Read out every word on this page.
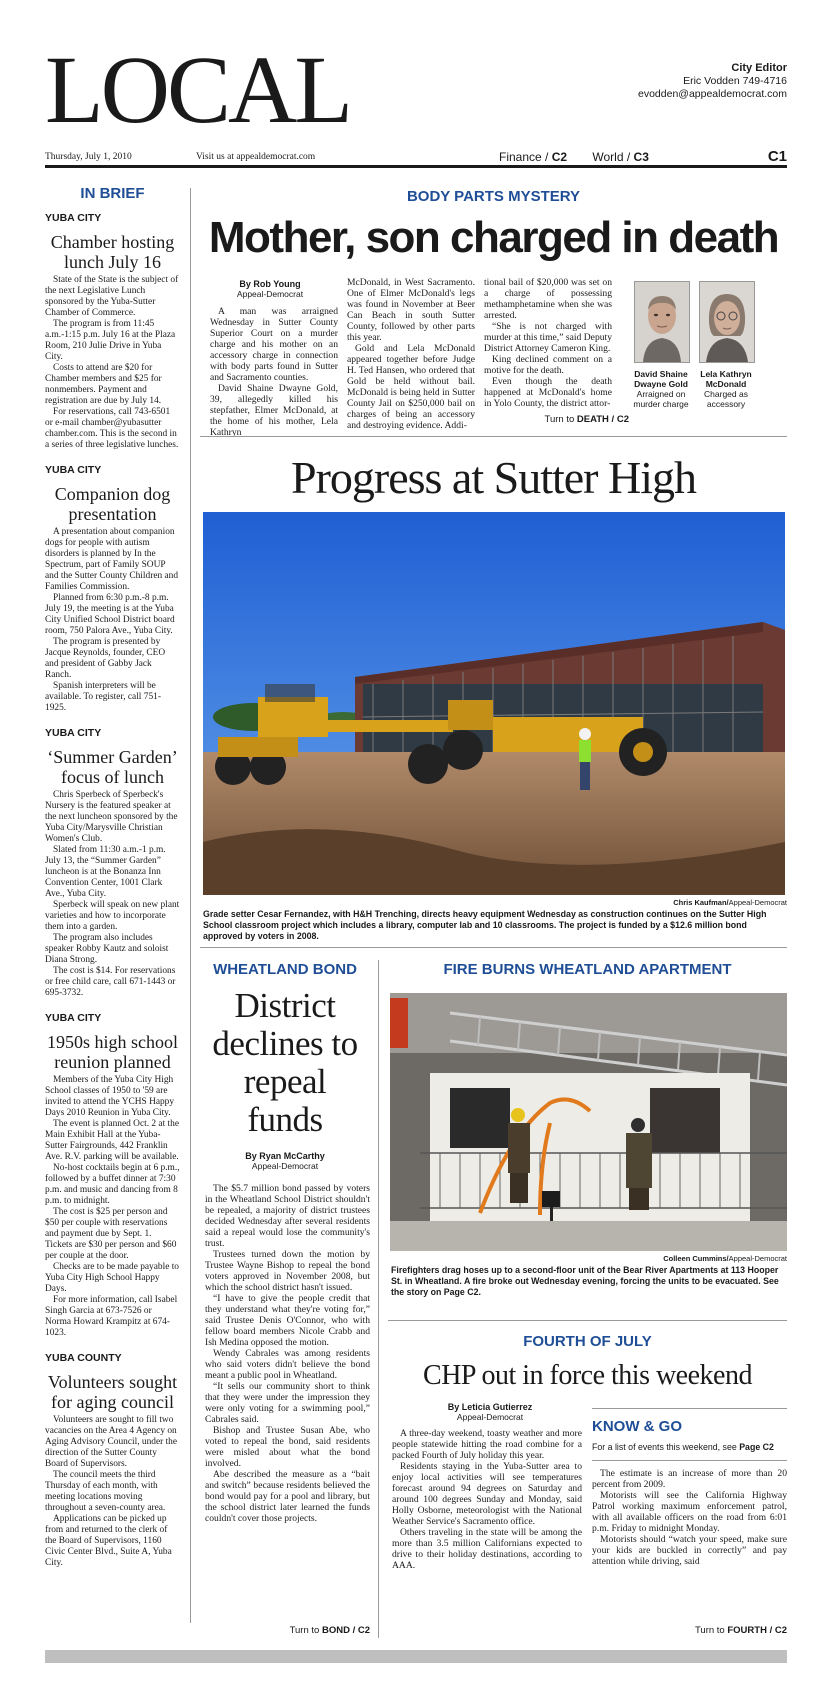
LOCAL	City Editor
Eric Vodden 749-4716
evodden@appealdemocrat.com
Thursday, July 1, 2010	Visit us at appealdemocrat.com	Finance / C2 World / C3	C1
IN BRIEF
YUBA CITY
Chamber hosting lunch July 16

State of the State is the subject of the next Legislative Lunch sponsored by the Yuba-Sutter Chamber of Commerce.

The program is from 11:45 a.m.-1:15 p.m. July 16 at the Plaza Room, 210 Julie Drive in Yuba City.

Costs to attend are $20 for Chamber members and $25 for nonmembers. Payment and registration are due by July 14.

For reservations, call 743-6501 or e-mail chamber@yubasutter chamber.com. This is the second in a series of three legislative lunches.

YUBA CITY
Companion dog presentation

A presentation about companion dogs for people with autism disorders is planned by In the Spectrum, part of Family SOUP and the Sutter County Children and Families Commission.

Planned from 6:30 p.m.-8 p.m. July 19, the meeting is at the Yuba City Unified School District board room, 750 Palora Ave., Yuba City.

The program is presented by Jacque Reynolds, founder, CEO and president of Gabby Jack Ranch.

Spanish interpreters will be available. To register, call 751-1925.

YUBA CITY
‘Summer Garden’ focus of lunch

Chris Sperbeck of Sperbeck's Nursery is the featured speaker at the next luncheon sponsored by the Yuba City/Marysville Christian Women's Club.

Slated from 11:30 a.m.-1 p.m. July 13, the “Summer Garden” luncheon is at the Bonanza Inn Convention Center, 1001 Clark Ave., Yuba City.

Sperbeck will speak on new plant varieties and how to incorporate them into a garden.

The program also includes speaker Robby Kautz and soloist Diana Strong.

The cost is $14. For reservations or free child care, call 671-1443 or 695-3732.

YUBA CITY
1950s high school reunion planned

Members of the Yuba City High School classes of 1950 to '59 are invited to attend the YCHS Happy Days 2010 Reunion in Yuba City.

The event is planned Oct. 2 at the Main Exhibit Hall at the Yuba-Sutter Fairgrounds, 442 Franklin Ave. R.V. parking will be available.

No-host cocktails begin at 6 p.m., followed by a buffet dinner at 7:30 p.m. and music and dancing from 8 p.m. to midnight.

The cost is $25 per person and $50 per couple with reservations and payment due by Sept. 1. Tickets are $30 per person and $60 per couple at the door.

Checks are to be made payable to Yuba City High School Happy Days.

For more information, call Isabel Singh Garcia at 673-7526 or Norma Howard Krampitz at 674-1023.

YUBA COUNTY
Volunteers sought for aging council

Volunteers are sought to fill two vacancies on the Area 4 Agency on Aging Advisory Council, under the direction of the Sutter County Board of Supervisors.

The council meets the third Thursday of each month, with meeting locations moving throughout a seven-county area.

Applications can be picked up from and returned to the clerk of the Board of Supervisors, 1160 Civic Center Blvd., Suite A, Yuba City.

BODY PARTS MYSTERY
Mother, son charged in death
By Rob Young
Appeal-Democrat

A man was arraigned Wednesday in Sutter County Superior Court on a murder charge and his mother on an accessory charge in connection with body parts found in Sutter and Sacramento counties.

David Shaine Dwayne Gold, 39, allegedly killed his stepfather, Elmer McDonald, at the home of his mother, Lela Kathryn

McDonald, in West Sacramento. One of Elmer McDonald's legs was found in November at Beer Can Beach in south Sutter County, followed by other parts this year.

Gold and Lela McDonald appeared together before Judge H. Ted Hansen, who ordered that Gold be held without bail. McDonald is being held in Sutter County Jail on $250,000 bail on charges of being an accessory and destroying evidence. Addi-

tional bail of $20,000 was set on a charge of possessing methamphetamine when she was arrested.

“She is not charged with murder at this time,” said Deputy District Attorney Cameron King.

King declined comment on a motive for the death.

Even though the death happened at McDonald's home in Yolo County, the district attor-

Turn to DEATH / C2
David Shaine Dwayne Gold
Arraigned on murder charge
Lela Kathryn McDonald
Charged as accessory
Progress at Sutter High
Chris Kaufman/Appeal-Democrat
Grade setter Cesar Fernandez, with H&H Trenching, directs heavy equipment Wednesday as construction continues on the Sutter High School classroom project which includes a library, computer lab and 10 classrooms. The project is funded by a $12.6 million bond approved by voters in 2008.
WHEATLAND BOND
District declines to repeal funds
By Ryan McCarthy
Appeal-Democrat

The $5.7 million bond passed by voters in the Wheatland School District shouldn't be repealed, a majority of district trustees decided Wednesday after several residents said a repeal would lose the community's trust.

Trustees turned down the motion by Trustee Wayne Bishop to repeal the bond voters approved in November 2008, but which the school district hasn't issued.

“I have to give the people credit that they understand what they're voting for,” said Trustee Denis O'Connor, who with fellow board members Nicole Crabb and Ish Medina opposed the motion.

Wendy Cabrales was among residents who said voters didn't believe the bond meant a public pool in Wheatland.

“It sells our community short to think that they were under the impression they were only voting for a swimming pool,” Cabrales said.

Bishop and Trustee Susan Abe, who voted to repeal the bond, said residents were misled about what the bond involved.

Abe described the measure as a “bait and switch” because residents believed the bond would pay for a pool and library, but the school district later learned the funds couldn't cover those projects.

Turn to BOND / C2
FIRE BURNS WHEATLAND APARTMENT
Colleen Cummins/Appeal-Democrat
Firefighters drag hoses up to a second-floor unit of the Bear River Apartments at 113 Hooper St. in Wheatland. A fire broke out Wednesday evening, forcing the units to be evacuated. See the story on Page C2.
FOURTH OF JULY
CHP out in force this weekend
By Leticia Gutierrez
Appeal-Democrat

A three-day weekend, toasty weather and more people statewide hitting the road combine for a packed Fourth of July holiday this year.

Residents staying in the Yuba-Sutter area to enjoy local activities will see temperatures forecast around 94 degrees on Saturday and around 100 degrees Sunday and Monday, said Holly Osborne, meteorologist with the National Weather Service's Sacramento office.

Others traveling in the state will be among the more than 3.5 million Californians expected to drive to their holiday destinations, according to AAA.

KNOW & GO
For a list of events this weekend, see Page C2

The estimate is an increase of more than 20 percent from 2009.

Motorists will see the California Highway Patrol working maximum enforcement patrol, with all available officers on the road from 6:01 p.m. Friday to midnight Monday.

Motorists should “watch your speed, make sure your kids are buckled in correctly” and pay attention while driving, said

Turn to FOURTH / C2
